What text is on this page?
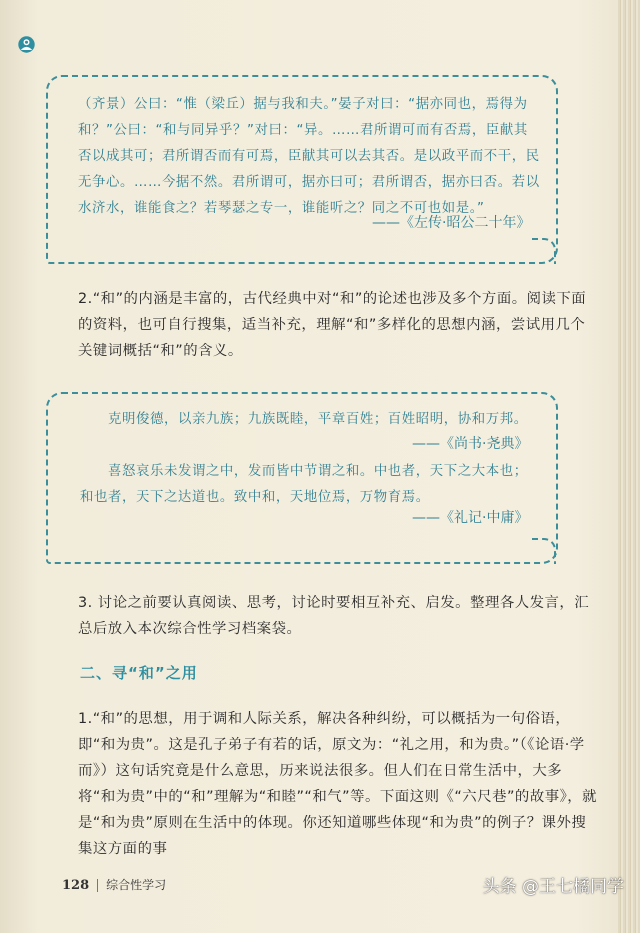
（齐景）公曰：“惟（梁丘）据与我和夫。”晏子对曰：“据亦同也，焉得为和？”公曰：“和与同异乎？”对曰：“异。……君所谓可而有否焉，臣献其否以成其可；君所谓否而有可焉，臣献其可以去其否。是以政平而不干，民无争心。……今据不然。君所谓可，据亦曰可；君所谓否，据亦曰否。若以水济水，谁能食之？若琴瑟之专一，谁能听之？同之不可也如是。”
——《左传·昭公二十年》

2.“和”的内涵是丰富的，古代经典中对“和”的论述也涉及多个方面。阅读下面的资料，也可自行搜集，适当补充，理解“和”多样化的思想内涵，尝试用几个关键词概括“和”的含义。

克明俊德，以亲九族；九族既睦，平章百姓；百姓昭明，协和万邦。
——《尚书·尧典》
喜怒哀乐未发谓之中，发而皆中节谓之和。中也者，天下之大本也；和也者，天下之达道也。致中和，天地位焉，万物育焉。
——《礼记·中庸》

3. 讨论之前要认真阅读、思考，讨论时要相互补充、启发。整理各人发言，汇总后放入本次综合性学习档案袋。

二、寻“和”之用

1.“和”的思想，用于调和人际关系，解决各种纠纷，可以概括为一句俗语，即“和为贵”。这是孔子弟子有若的话，原文为：“礼之用，和为贵。”（《论语·学而》）这句话究竟是什么意思，历来说法很多。但人们在日常生活中，大多将“和为贵”中的“和”理解为“和睦”“和气”等。下面这则《“六尺巷”的故事》，就是“和为贵”原则在生活中的体现。你还知道哪些体现“和为贵”的例子？课外搜集这方面的事

128 综合性学习	头条 @王七橘同学
